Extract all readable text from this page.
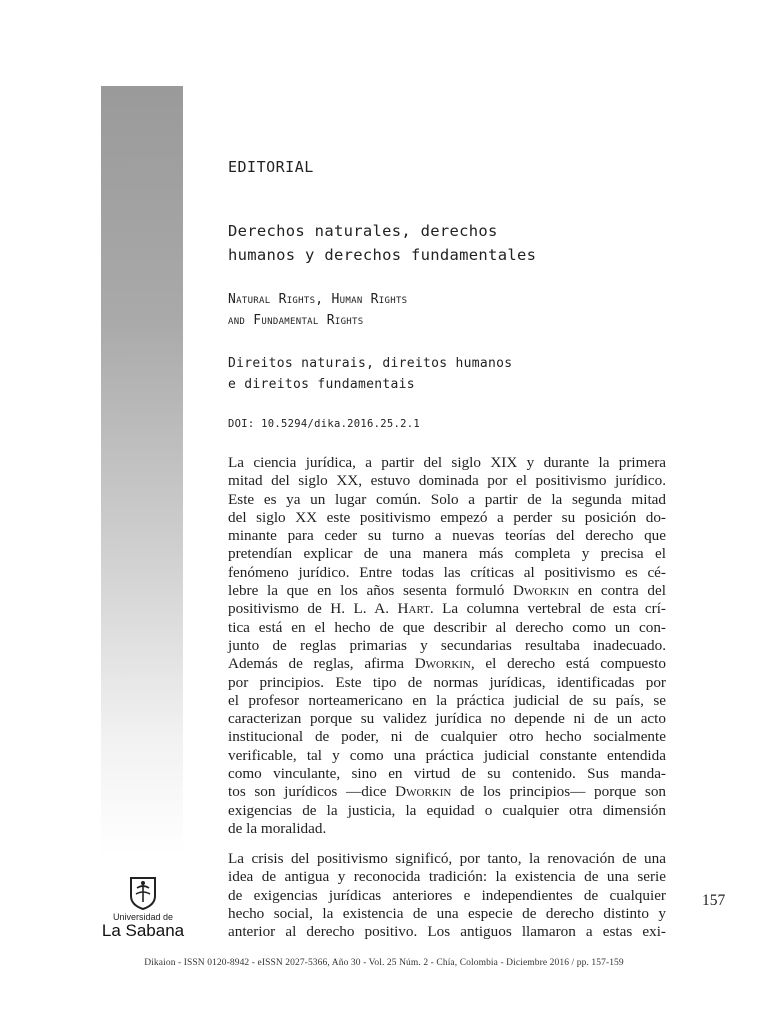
EDITORIAL
Derechos naturales, derechos
humanos y derechos fundamentales
Natural Rights, Human Rights
and Fundamental Rights
Direitos naturais, direitos humanos
e direitos fundamentais
DOI: 10.5294/dika.2016.25.2.1
La ciencia jurídica, a partir del siglo XIX y durante la primera
mitad del siglo XX, estuvo dominada por el positivismo jurídico.
Este es ya un lugar común. Solo a partir de la segunda mitad
del siglo XX este positivismo empezó a perder su posición do-
minante para ceder su turno a nuevas teorías del derecho que
pretendían explicar de una manera más completa y precisa el
fenómeno jurídico. Entre todas las críticas al positivismo es cé-
lebre la que en los años sesenta formuló Dworkin en contra del
positivismo de H. L. A. Hart. La columna vertebral de esta crí-
tica está en el hecho de que describir al derecho como un con-
junto de reglas primarias y secundarias resultaba inadecuado.
Además de reglas, afirma Dworkin, el derecho está compuesto
por principios. Este tipo de normas jurídicas, identificadas por
el profesor norteamericano en la práctica judicial de su país, se
caracterizan porque su validez jurídica no depende ni de un acto
institucional de poder, ni de cualquier otro hecho socialmente
verificable, tal y como una práctica judicial constante entendida
como vinculante, sino en virtud de su contenido. Sus manda-
tos son jurídicos —dice Dworkin de los principios— porque son
exigencias de la justicia, la equidad o cualquier otra dimensión
de la moralidad.
La crisis del positivismo significó, por tanto, la renovación de una
idea de antigua y reconocida tradición: la existencia de una serie
de exigencias jurídicas anteriores e independientes de cualquier
hecho social, la existencia de una especie de derecho distinto y
anterior al derecho positivo. Los antiguos llamaron a estas exi-
Universidad de
La Sabana
157
Dikaion - ISSN 0120-8942 - eISSN 2027-5366, Año 30 - Vol. 25 Núm. 2 - Chía, Colombia - Diciembre 2016 / pp. 157-159
